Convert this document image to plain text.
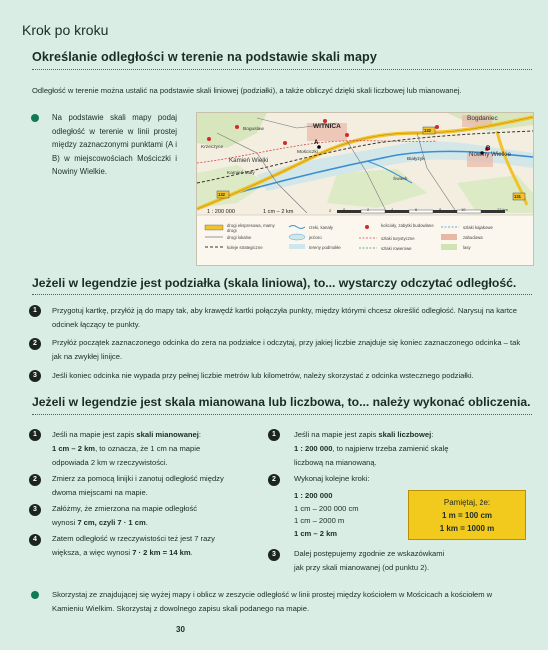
Krok po kroku
Określanie odległości w terenie na podstawie skali mapy
Odległość w terenie można ustalić na podstawie skali liniowej (podziałki), a także obliczyć dzięki skali liczbowej lub mianowanej.
Na podstawie skali mapy podaj odległość w terenie w linii prostej między zaznaczonymi punktami (A i B) w miejscowościach Mościczki i Nowiny Wielkie.
Boguslaw
Bogdaniec
WITNICA
Krzeczyce
Kamień Wielki
Nowiny Wielkie
Kamień Mały
Mościczki
Białyzyk
Świerk
A
B
132
132	131
1 : 200 000	1 cm – 2 km	2	0	2	4	6	8	10	12 km
drogi ekspresowa, mamy drogi
drogi lokalne
koleje strategiczne
rzeki, kanały
jezioro
tereny podmokłe
kościoły, zabytki budowlane
szlaki turystyczne
szlaki rowerowe
szlaki kajakowe
zabudowa
lasy
Jeżeli w legendzie jest podziałka (skala liniowa), to... wystarczy odczytać odległość.
1	Przygotuj kartkę, przyłóż ją do mapy tak, aby krawędź kartki połączyła punkty, między którymi chcesz określić odległość. Narysuj na kartce odcinek łączący te punkty.
2	Przyłóż początek zaznaczonego odcinka do zera na podziałce i odczytaj, przy jakiej liczbie znajduje się koniec zaznaczonego odcinka – tak jak na zwykłej linijce.
3	Jeśli koniec odcinka nie wypada przy pełnej liczbie metrów lub kilometrów, należy skorzystać z odcinka wstecznego podziałki.
Jeżeli w legendzie jest skala mianowana lub liczbowa, to... należy wykonać obliczenia.
1	Jeśli na mapie jest zapis skali mianowanej:
1 cm – 2 km, to oznacza, że 1 cm na mapie
odpowiada 2 km w rzeczywistości.
2	Zmierz za pomocą linijki i zanotuj odległość między
dwoma miejscami na mapie.
3	Załóżmy, że zmierzona na mapie odległość
wynosi 7 cm, czyli 7 · 1 cm.
4	Zatem odległość w rzeczywistości też jest 7 razy
większa, a więc wynosi 7 · 2 km = 14 km.
1	Jeśli na mapie jest zapis skali liczbowej:
1 : 200 000, to najpierw trzeba zamienić skalę
liczbową na mianowaną.
2	Wykonaj kolejne kroki:
1 : 200 000
1 cm – 200 000 cm
1 cm – 2000 m
1 cm – 2 km
Pamiętaj, że:
1 m = 100 cm
1 km = 1000 m
3	Dalej postępujemy zgodnie ze wskazówkami
jak przy skali mianowanej (od punktu 2).
Skorzystaj ze znajdującej się wyżej mapy i oblicz w zeszycie odległość w linii prostej między kościołem w Mościcach a kościołem w Kamieniu Wielkim. Skorzystaj z dowolnego zapisu skali podanego na mapie.
30
